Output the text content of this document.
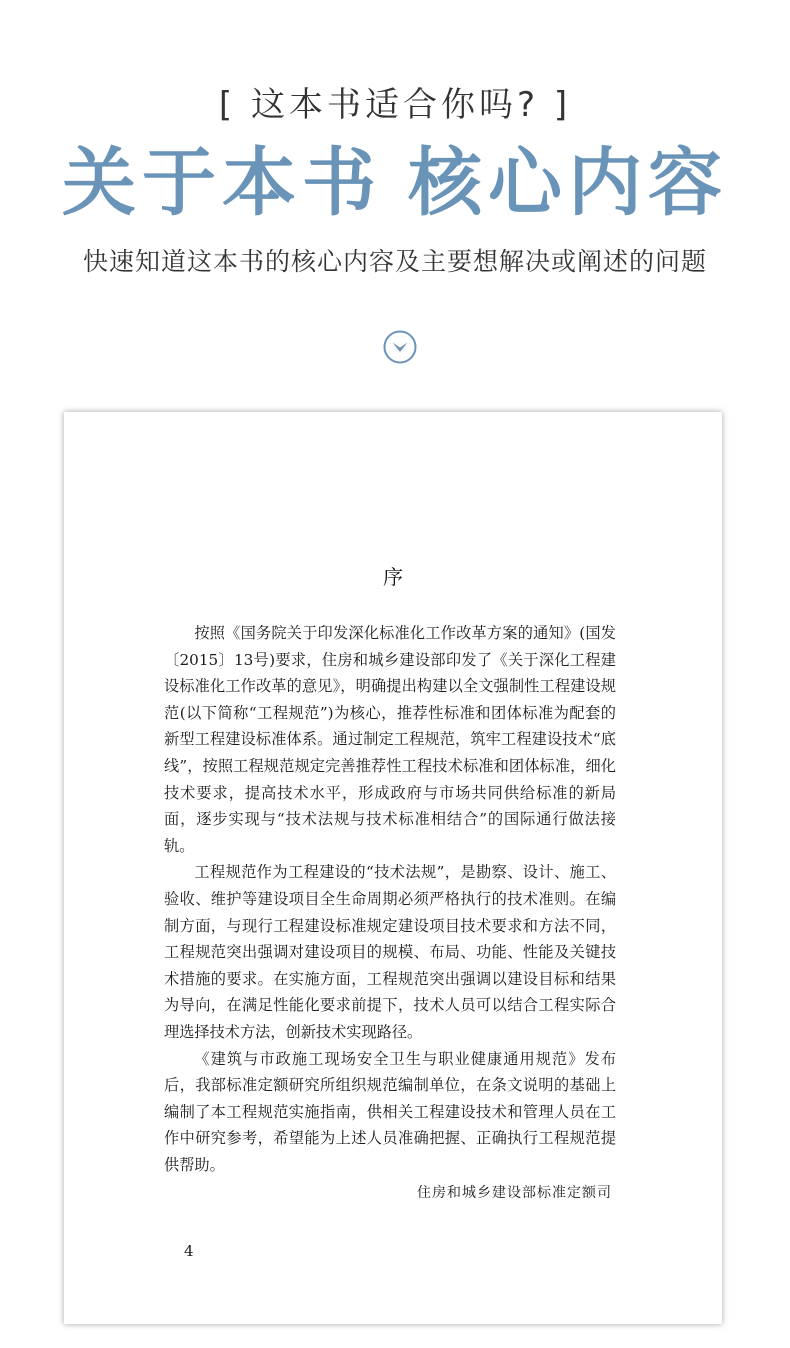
[ 这本书适合你吗? ]
关于本书 核心内容
快速知道这本书的核心内容及主要想解决或阐述的问题
序

按照《国务院关于印发深化标准化工作改革方案的通知》(国发〔2015〕13号)要求，住房和城乡建设部印发了《关于深化工程建设标准化工作改革的意见》，明确提出构建以全文强制性工程建设规范(以下简称“工程规范”)为核心，推荐性标准和团体标准为配套的新型工程建设标准体系。通过制定工程规范，筑牢工程建设技术“底线”，按照工程规范规定完善推荐性工程技术标准和团体标准，细化技术要求，提高技术水平，形成政府与市场共同供给标准的新局面，逐步实现与“技术法规与技术标准相结合”的国际通行做法接轨。

工程规范作为工程建设的“技术法规”，是勘察、设计、施工、验收、维护等建设项目全生命周期必须严格执行的技术准则。在编制方面，与现行工程建设标准规定建设项目技术要求和方法不同，工程规范突出强调对建设项目的规模、布局、功能、性能及关键技术措施的要求。在实施方面，工程规范突出强调以建设目标和结果为导向，在满足性能化要求前提下，技术人员可以结合工程实际合理选择技术方法，创新技术实现路径。

《建筑与市政施工现场安全卫生与职业健康通用规范》发布后，我部标准定额研究所组织规范编制单位，在条文说明的基础上编制了本工程规范实施指南，供相关工程建设技术和管理人员在工作中研究参考，希望能为上述人员准确把握、正确执行工程规范提供帮助。

住房和城乡建设部标准定额司
4
